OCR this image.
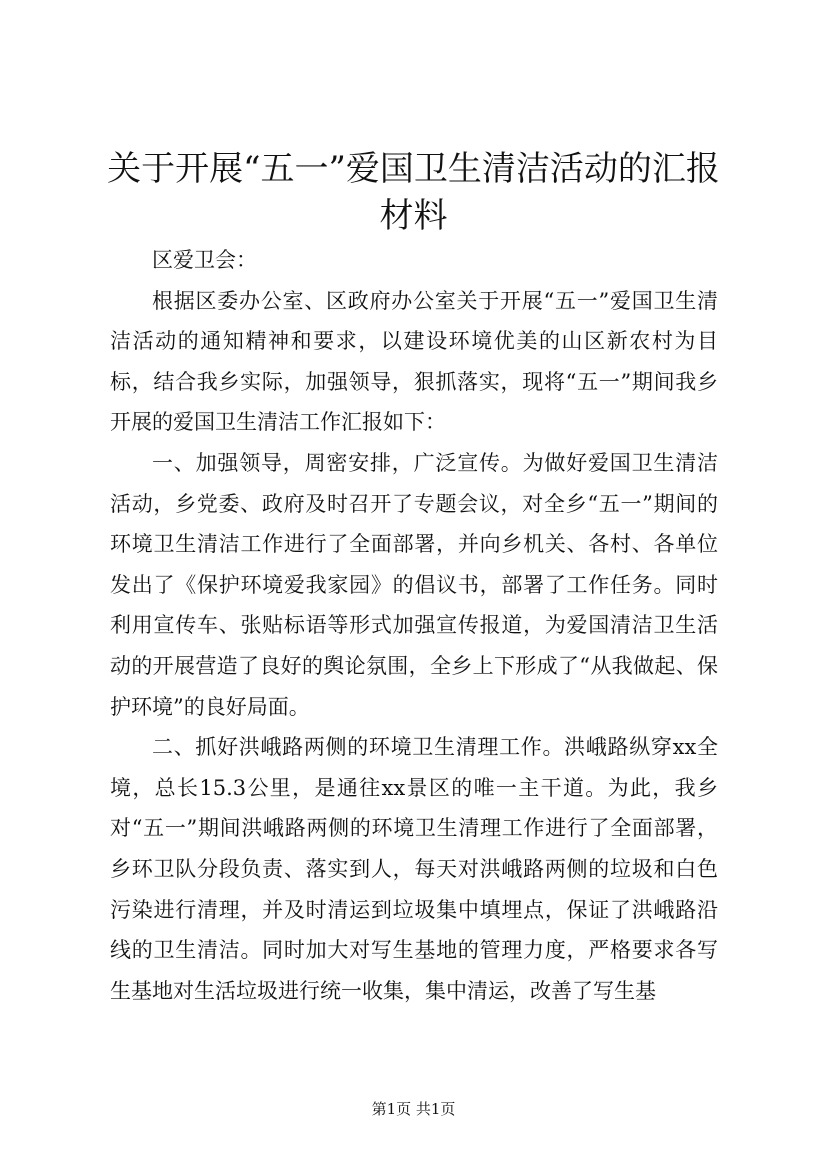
关于开展“五一”爱国卫生清洁活动的汇报材料

区爱卫会：

根据区委办公室、区政府办公室关于开展“五一”爱国卫生清洁活动的通知精神和要求，以建设环境优美的山区新农村为目标，结合我乡实际，加强领导，狠抓落实，现将“五一”期间我乡开展的爱国卫生清洁工作汇报如下：

一、加强领导，周密安排，广泛宣传。为做好爱国卫生清洁活动，乡党委、政府及时召开了专题会议，对全乡“五一”期间的环境卫生清洁工作进行了全面部署，并向乡机关、各村、各单位发出了《保护环境爱我家园》的倡议书，部署了工作任务。同时利用宣传车、张贴标语等形式加强宣传报道，为爱国清洁卫生活动的开展营造了良好的舆论氛围，全乡上下形成了“从我做起、保护环境”的良好局面。

二、抓好洪峨路两侧的环境卫生清理工作。洪峨路纵穿xx全境，总长15.3公里，是通往xx景区的唯一主干道。为此，我乡对“五一”期间洪峨路两侧的环境卫生清理工作进行了全面部署，乡环卫队分段负责、落实到人，每天对洪峨路两侧的垃圾和白色污染进行清理，并及时清运到垃圾集中填埋点，保证了洪峨路沿线的卫生清洁。同时加大对写生基地的管理力度，严格要求各写生基地对生活垃圾进行统一收集，集中清运，改善了写生基

第1页 共1页
